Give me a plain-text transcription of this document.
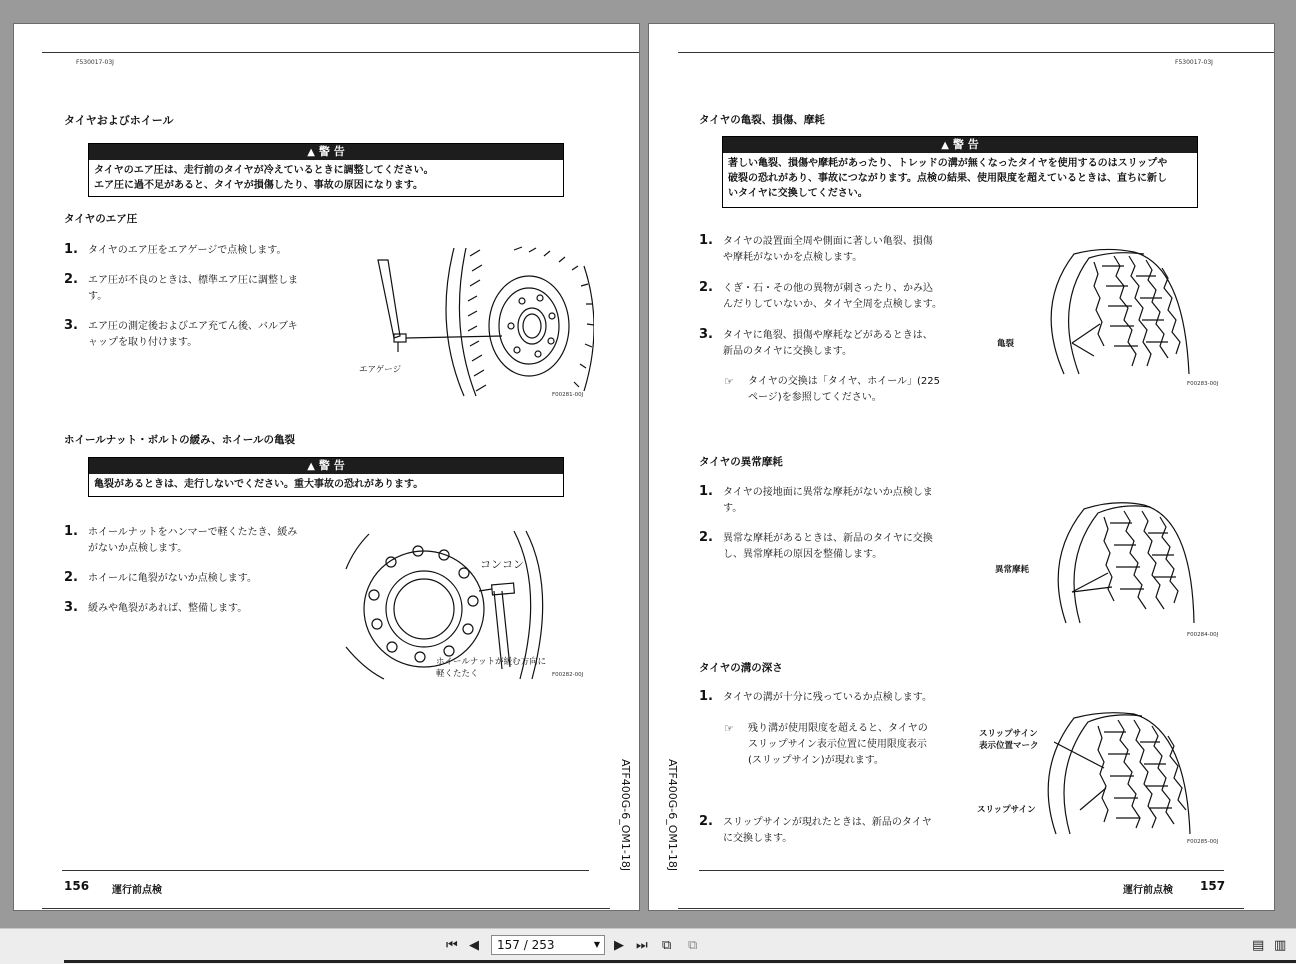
F530017-03J
タイヤおよびホイール
▲ 警 告
タイヤのエア圧は、走行前のタイヤが冷えているときに調整してください。
エア圧に過不足があると、タイヤが損傷したり、事故の原因になります。
タイヤのエア圧
1. タイヤのエア圧をエアゲージで点検します。
2. エア圧が不良のときは、標準エア圧に調整しま
す。
3. エア圧の測定後およびエア充てん後、バルブキ
ャップを取り付けます。
エアゲージ
F00281-00J
ホイールナット・ボルトの緩み、ホイールの亀裂
▲ 警 告
亀裂があるときは、走行しないでください。重大事故の恐れがあります。
1. ホイールナットをハンマーで軽くたたき、緩み
がないか点検します。
2. ホイールに亀裂がないか点検します。
3. 緩みや亀裂があれば、整備します。
コンコン
ホイールナットが緩む方向に
軽くたたく	F00282-00J
ATF400G-6_OM1-18J
156 運行前点検
F530017-03J
タイヤの亀裂、損傷、摩耗
▲ 警 告
著しい亀裂、損傷や摩耗があったり、トレッドの溝が無くなったタイヤを使用するのはスリップや
破裂の恐れがあり、事故につながります。点検の結果、使用限度を超えているときは、直ちに新し
いタイヤに交換してください。
1. タイヤの設置面全周や側面に著しい亀裂、損傷
や摩耗がないかを点検します。
2. くぎ・石・その他の異物が刺さったり、かみ込
んだりしていないか、タイヤ全周を点検します。
3. タイヤに亀裂、損傷や摩耗などがあるときは、
新品のタイヤに交換します。
☞ タイヤの交換は「タイヤ、ホイール」(225
ページ)を参照してください。
亀裂
F00283-00J
タイヤの異常摩耗
1. タイヤの接地面に異常な摩耗がないか点検しま
す。
2. 異常な摩耗があるときは、新品のタイヤに交換
し、異常摩耗の原因を整備します。
異常摩耗
F00284-00J
タイヤの溝の深さ
1. タイヤの溝が十分に残っているか点検します。
☞ 残り溝が使用限度を超えると、タイヤの
スリップサイン表示位置に使用限度表示
(スリップサイン)が現れます。
2. スリップサインが現れたときは、新品のタイヤ
に交換します。
スリップサイン
表示位置マーク
スリップサイン
F00285-00J
ATF400G-6_OM1-18J
運行前点検 157
⏮ ◀	157 / 253	▼ ▶ ⏭ ⧉ ⧉	▤ ▥
